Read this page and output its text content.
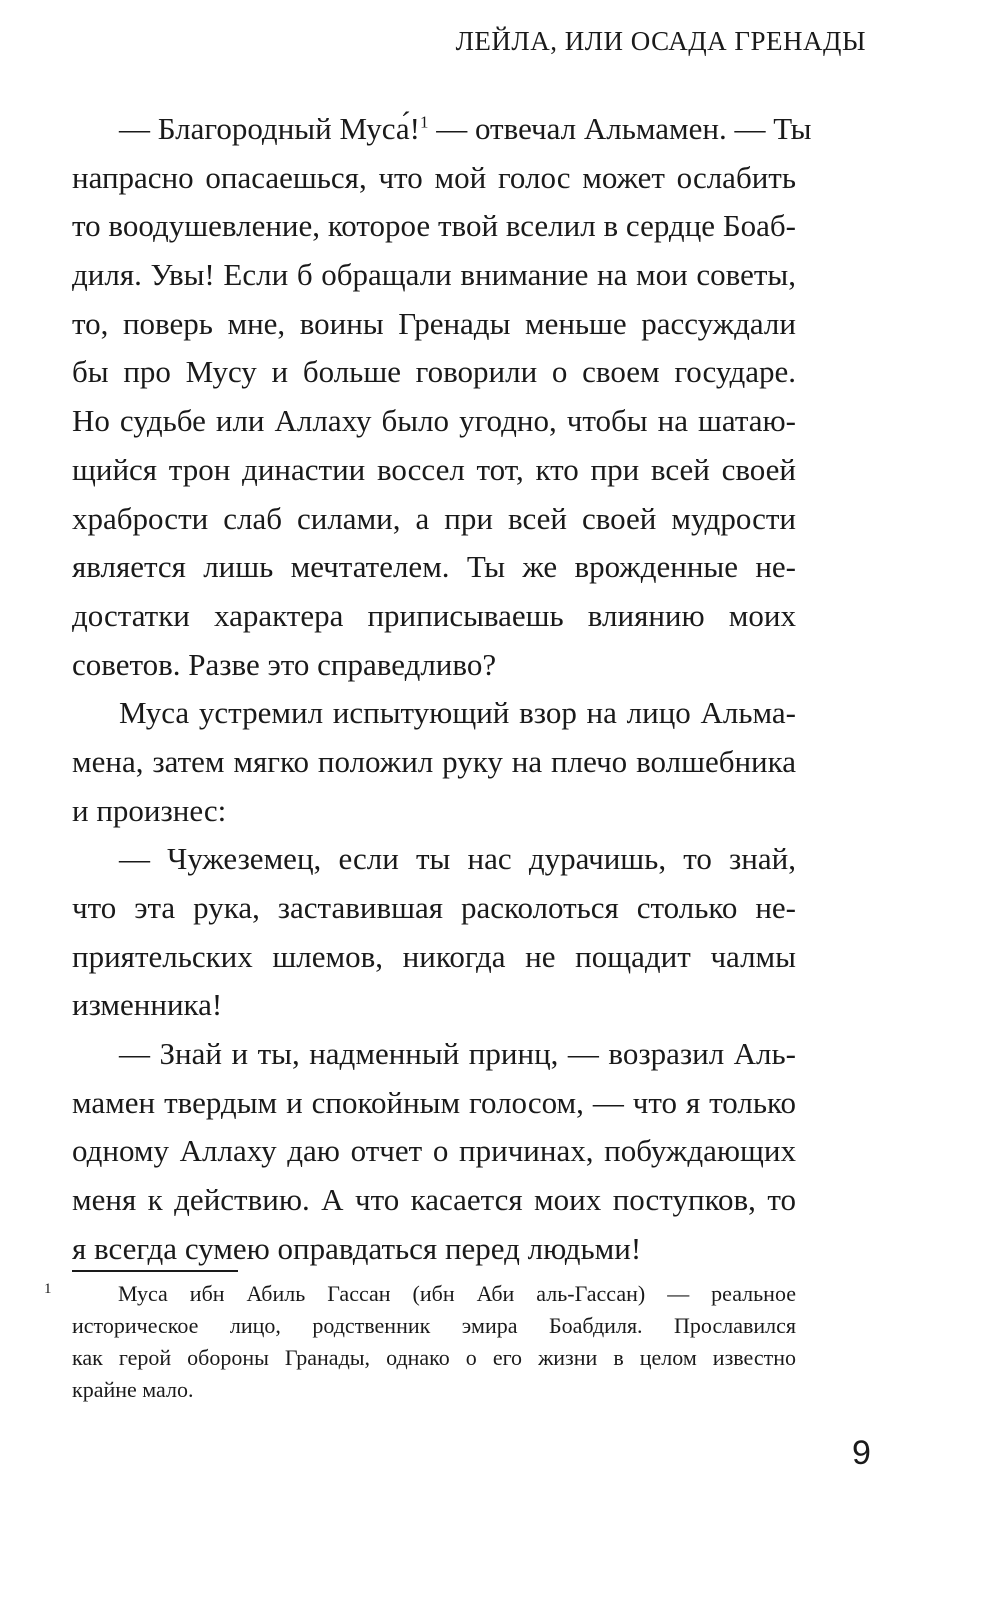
ЛЕЙЛА, ИЛИ ОСАДА ГРЕНАДЫ
— Благородный Муса́!$^1$ — отвечал Альмамен. — Ты
напрасно опасаешься, что мой голос может ослабить
то воодушевление, которое твой вселил в сердце Боаб-
диля. Увы! Если б обращали внимание на мои советы,
то, поверь мне, воины Гренады меньше рассуждали
бы про Мусу и больше говорили о своем государе.
Но судьбе или Аллаху было угодно, чтобы на шатаю-
щийся трон династии воссел тот, кто при всей своей
храбрости слаб силами, а при всей своей мудрости
является лишь мечтателем. Ты же врожденные не-
достатки характера приписываешь влиянию моих
советов. Разве это справедливо?
Муса устремил испытующий взор на лицо Альма-
мена, затем мягко положил руку на плечо волшебника
и произнес:
— Чужеземец, если ты нас дурачишь, то знай,
что эта рука, заставившая расколоться столько не-
приятельских шлемов, никогда не пощадит чалмы
изменника!
— Знай и ты, надменный принц, — возразил Аль-
мамен твердым и спокойным голосом, — что я только
одному Аллаху даю отчет о причинах, побуждающих
меня к действию. А что касается моих поступков, то
я всегда сумею оправдаться перед людьми!
1	Муса ибн Абиль Гассан (ибн Аби аль-Гассан) — реальное
историческое лицо, родственник эмира Боабдиля. Прославился
как герой обороны Гранады, однако о его жизни в целом известно
крайне мало.
9
